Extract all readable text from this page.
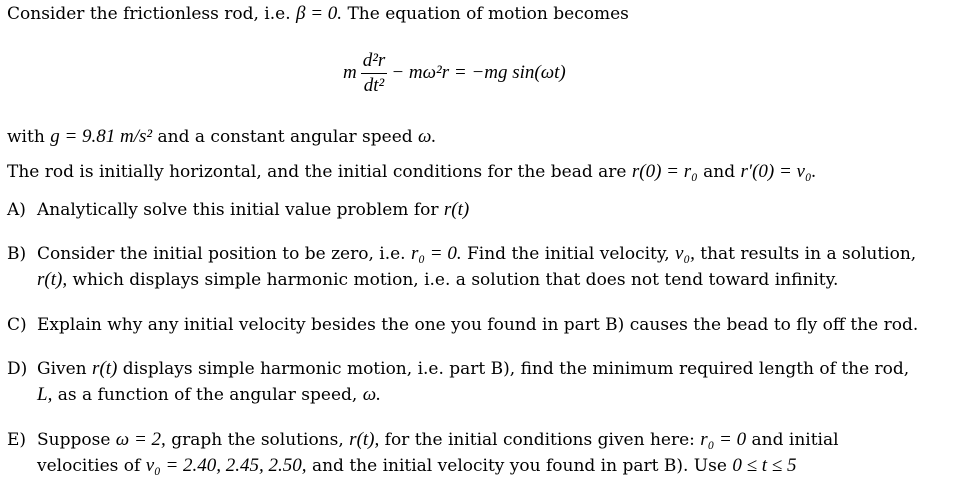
Consider the frictionless rod, i.e. β = 0. The equation of motion becomes
m $\frac{\text{d²r}}{\text{dt²}} - m\omega^2r = -mg$ sin(ωt)
with g = 9.81 m/s² and a constant angular speed ω.
The rod is initially horizontal, and the initial conditions for the bead are r(0) = r₀ and r′(0) = v₀.
A) Analytically solve this initial value problem for r(t)
B) Consider the initial position to be zero, i.e. r₀ = 0. Find the initial velocity, v₀, that results in a solution,
r(t), which displays simple harmonic motion, i.e. a solution that does not tend toward infinity.
C) Explain why any initial velocity besides the one you found in part B) causes the bead to fly off the rod.
D) Given r(t) displays simple harmonic motion, i.e. part B), find the minimum required length of the rod,
L, as a function of the angular speed, ω.
E) Suppose ω = 2, graph the solutions, r(t), for the initial conditions given here: r₀ = 0 and initial
velocities of v₀ = 2.40, 2.45, 2.50, and the initial velocity you found in part B). Use 0 ≤ t ≤ 5
